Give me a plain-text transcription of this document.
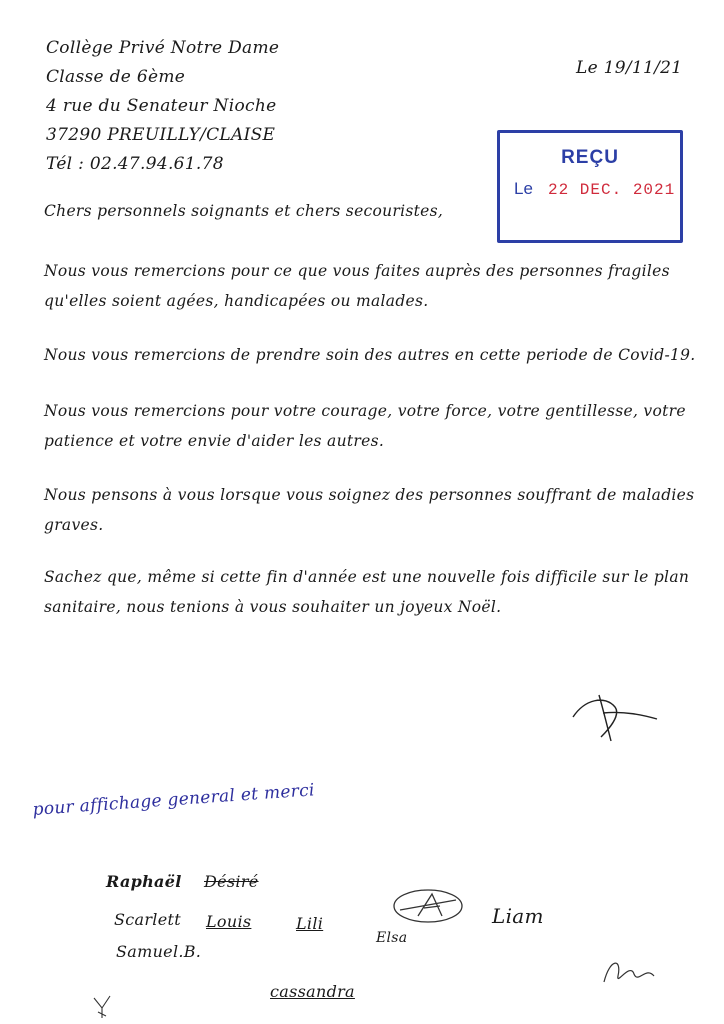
Collège Privé Notre Dame
Classe de 6ème
4 rue du Senateur Nioche
37290 PREUILLY/CLAISE
Tél : 02.47.94.61.78
Le 19/11/21
REÇU
Le 22 DEC. 2021

Chers personnels soignants et chers secouristes,

Nous vous remercions pour ce que vous faites auprès des personnes fragiles qu'elles soient agées, handicapées ou malades.

Nous vous remercions de prendre soin des autres en cette periode de Covid-19.

Nous vous remercions pour votre courage, votre force, votre gentillesse, votre patience et votre envie d'aider les autres.

Nous pensons à vous lorsque vous soignez des personnes souffrant de maladies graves.

Sachez que, même si cette fin d'année est une nouvelle fois difficile sur le plan sanitaire, nous tenions à vous souhaiter un joyeux Noël.

pour affichage general et merci
Raphaël Désiré
Scarlett Louis	Lili
Elsa
Liam
Samuel.B.
cassandra
